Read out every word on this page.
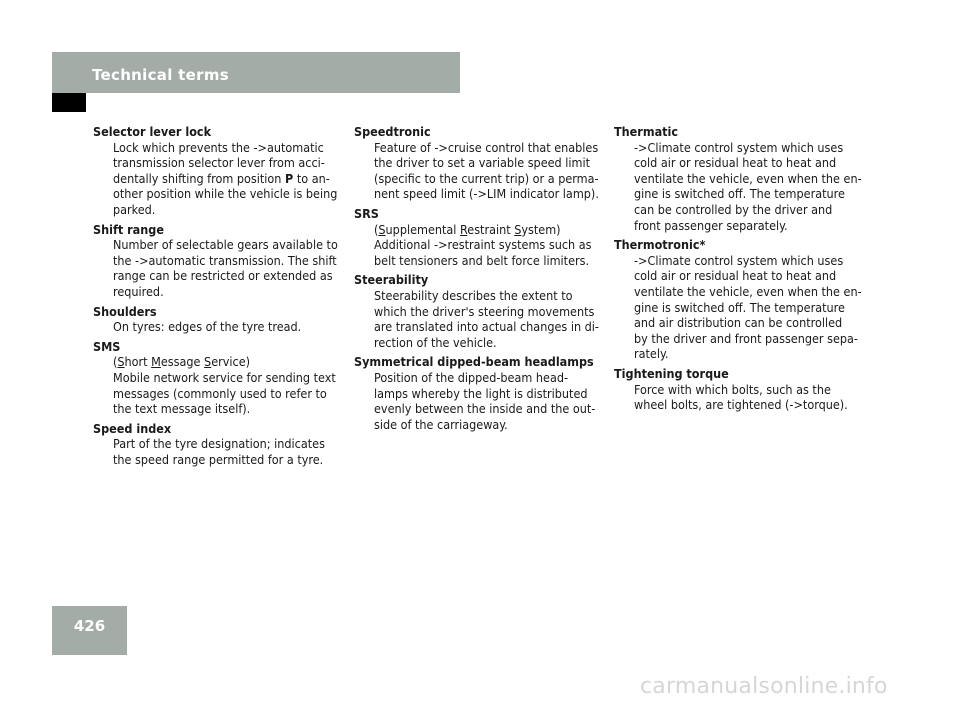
Technical terms
Selector lever lock
Lock which prevents the ->automatic
transmission selector lever from acci-
dentally shifting from position P to an-
other position while the vehicle is being
parked.
Shift range
Number of selectable gears available to
the ->automatic transmission. The shift
range can be restricted or extended as
required.
Shoulders
On tyres: edges of the tyre tread.
SMS
(Short Message Service)
Mobile network service for sending text
messages (commonly used to refer to
the text message itself).
Speed index
Part of the tyre designation; indicates
the speed range permitted for a tyre.
Speedtronic
Feature of ->cruise control that enables
the driver to set a variable speed limit
(specific to the current trip) or a perma-
nent speed limit (->LIM indicator lamp).
SRS
(Supplemental Restraint System)
Additional ->restraint systems such as
belt tensioners and belt force limiters.
Steerability
Steerability describes the extent to
which the driver's steering movements
are translated into actual changes in di-
rection of the vehicle.
Symmetrical dipped-beam headlamps
Position of the dipped-beam head-
lamps whereby the light is distributed
evenly between the inside and the out-
side of the carriageway.
Thermatic
->Climate control system which uses
cold air or residual heat to heat and
ventilate the vehicle, even when the en-
gine is switched off. The temperature
can be controlled by the driver and
front passenger separately.
Thermotronic*
->Climate control system which uses
cold air or residual heat to heat and
ventilate the vehicle, even when the en-
gine is switched off. The temperature
and air distribution can be controlled
by the driver and front passenger sepa-
rately.
Tightening torque
Force with which bolts, such as the
wheel bolts, are tightened (->torque).
426
carmanualsonline.info
